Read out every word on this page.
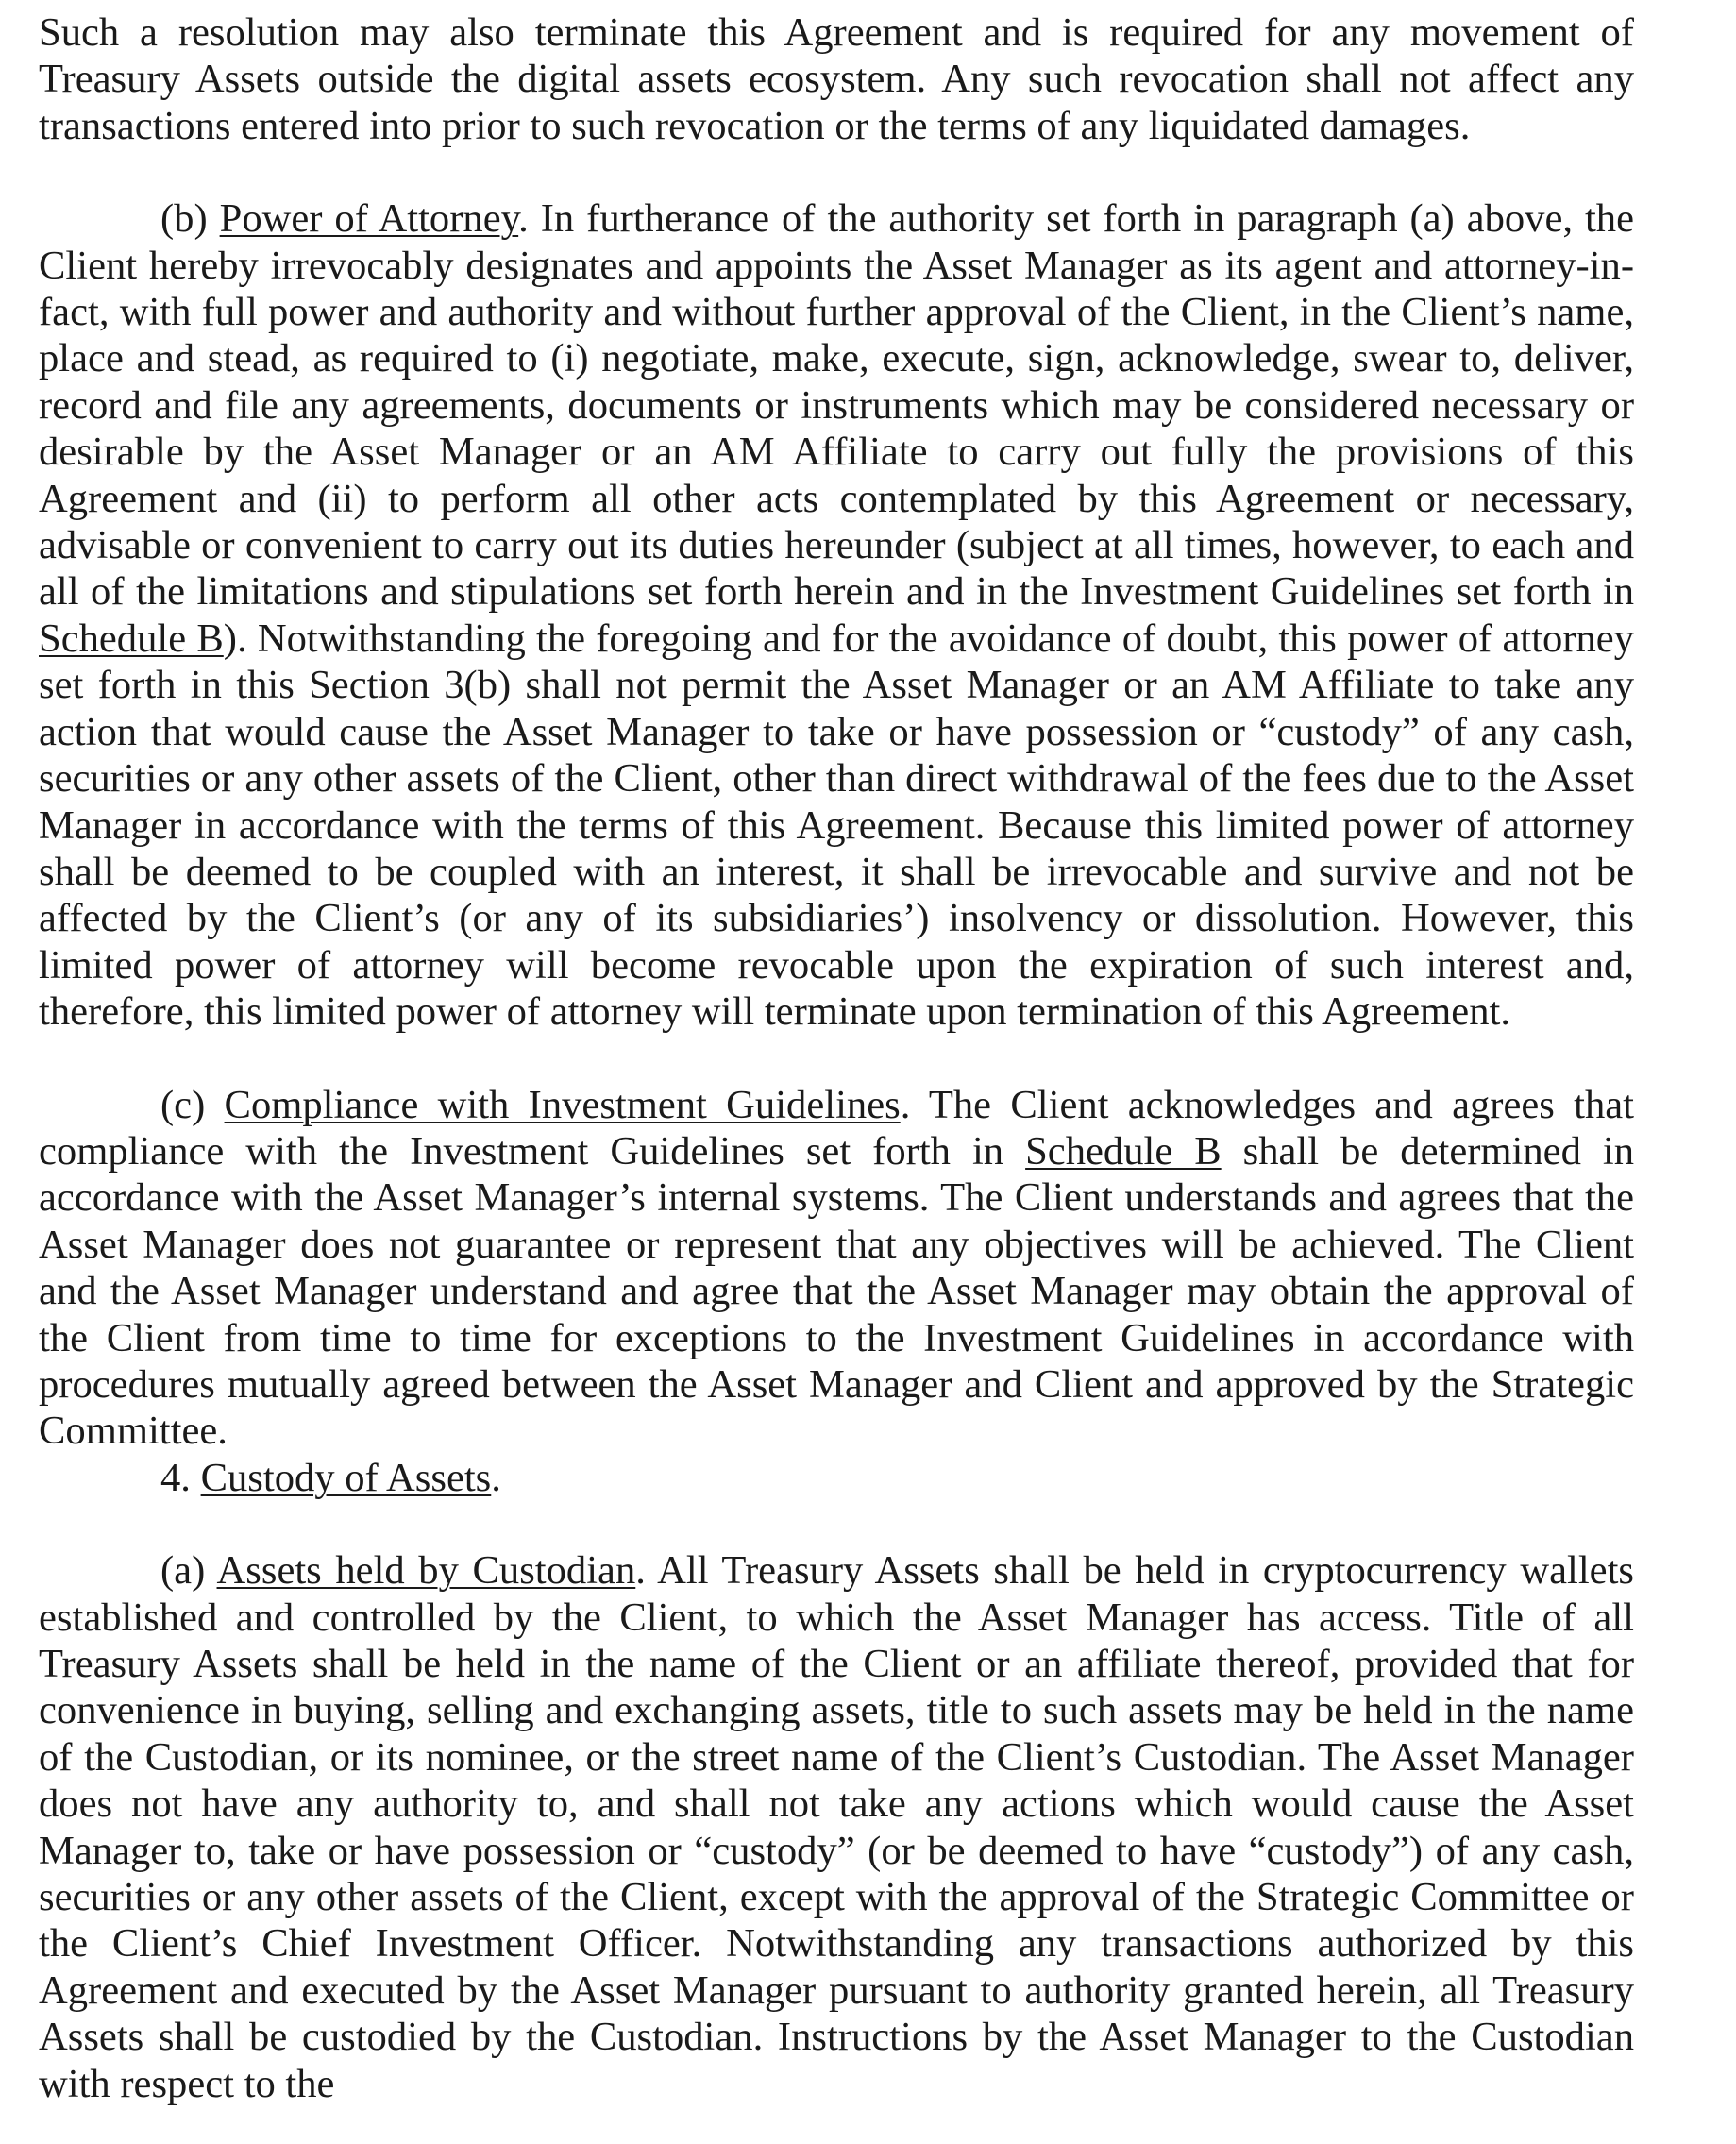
Such a resolution may also terminate this Agreement and is required for any movement of Treasury Assets outside the digital assets ecosystem. Any such revocation shall not affect any transactions entered into prior to such revocation or the terms of any liquidated damages.

(b) Power of Attorney. In furtherance of the authority set forth in paragraph (a) above, the Client hereby irrevocably designates and appoints the Asset Manager as its agent and attorney-in-fact, with full power and authority and without further approval of the Client, in the Client’s name, place and stead, as required to (i) negotiate, make, execute, sign, acknowledge, swear to, deliver, record and file any agreements, documents or instruments which may be considered necessary or desirable by the Asset Manager or an AM Affiliate to carry out fully the provisions of this Agreement and (ii) to perform all other acts contemplated by this Agreement or necessary, advisable or convenient to carry out its duties hereunder (subject at all times, however, to each and all of the limitations and stipulations set forth herein and in the Investment Guidelines set forth in Schedule B). Notwithstanding the foregoing and for the avoidance of doubt, this power of attorney set forth in this Section 3(b) shall not permit the Asset Manager or an AM Affiliate to take any action that would cause the Asset Manager to take or have possession or “custody” of any cash, securities or any other assets of the Client, other than direct withdrawal of the fees due to the Asset Manager in accordance with the terms of this Agreement. Because this limited power of attorney shall be deemed to be coupled with an interest, it shall be irrevocable and survive and not be affected by the Client’s (or any of its subsidiaries’) insolvency or dissolution. However, this limited power of attorney will become revocable upon the expiration of such interest and, therefore, this limited power of attorney will terminate upon termination of this Agreement.

(c) Compliance with Investment Guidelines. The Client acknowledges and agrees that compliance with the Investment Guidelines set forth in Schedule B shall be determined in accordance with the Asset Manager’s internal systems. The Client understands and agrees that the Asset Manager does not guarantee or represent that any objectives will be achieved. The Client and the Asset Manager understand and agree that the Asset Manager may obtain the approval of the Client from time to time for exceptions to the Investment Guidelines in accordance with procedures mutually agreed between the Asset Manager and Client and approved by the Strategic Committee.

4. Custody of Assets.

(a) Assets held by Custodian. All Treasury Assets shall be held in cryptocurrency wallets established and controlled by the Client, to which the Asset Manager has access. Title of all Treasury Assets shall be held in the name of the Client or an affiliate thereof, provided that for convenience in buying, selling and exchanging assets, title to such assets may be held in the name of the Custodian, or its nominee, or the street name of the Client’s Custodian. The Asset Manager does not have any authority to, and shall not take any actions which would cause the Asset Manager to, take or have possession or “custody” (or be deemed to have “custody”) of any cash, securities or any other assets of the Client, except with the approval of the Strategic Committee or the Client’s Chief Investment Officer. Notwithstanding any transactions authorized by this Agreement and executed by the Asset Manager pursuant to authority granted herein, all Treasury Assets shall be custodied by the Custodian. Instructions by the Asset Manager to the Custodian with respect to the
